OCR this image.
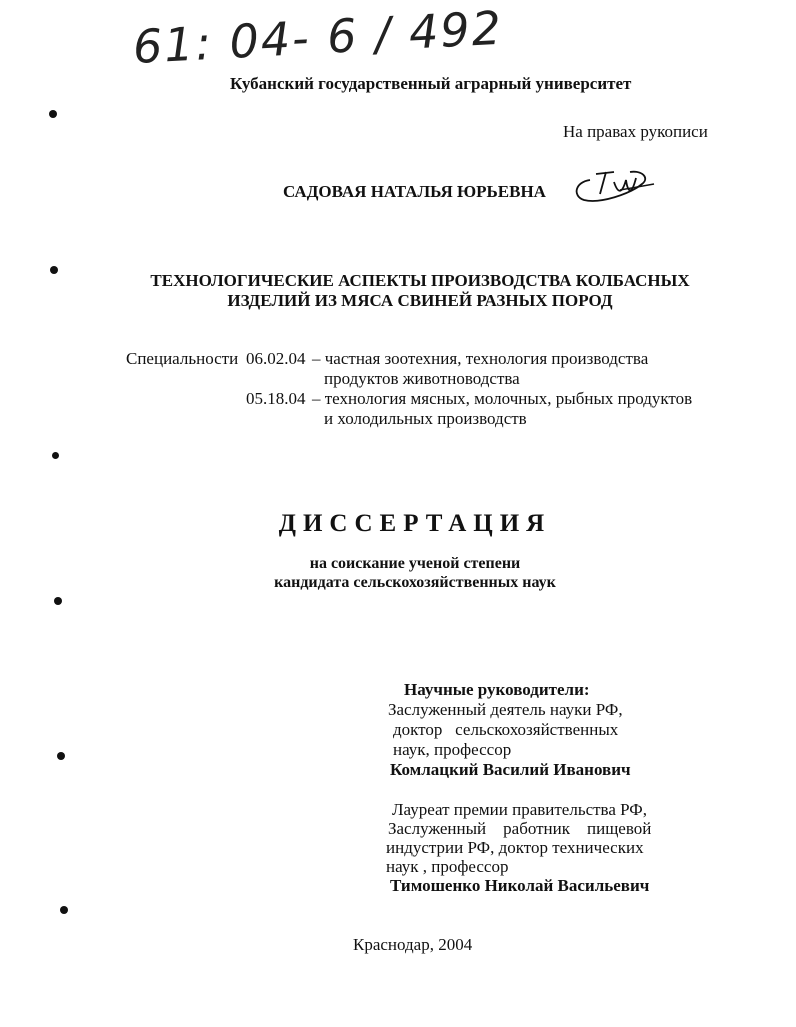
61: 04- 6 / 492
Кубанский государственный аграрный университет
На правах рукописи
САДОВАЯ НАТАЛЬЯ ЮРЬЕВНА
ТЕХНОЛОГИЧЕСКИЕ АСПЕКТЫ ПРОИЗВОДСТВА КОЛБАСНЫХ
ИЗДЕЛИЙ ИЗ МЯСА СВИНЕЙ РАЗНЫХ ПОРОД
Специальности 06.02.04 – частная зоотехния, технология производства
продуктов животноводства
05.18.04 – технология мясных, молочных, рыбных продуктов
и холодильных производств
ДИССЕРТАЦИЯ
на соискание ученой степени
кандидата сельскохозяйственных наук
Научные руководители:
Заслуженный деятель науки РФ,
доктор   сельскохозяйственных
наук, профессор
Комлацкий Василий Иванович
Лауреат премии правительства РФ,
Заслуженный    работник    пищевой
индустрии РФ, доктор технических
наук , профессор
Тимошенко Николай Васильевич
Краснодар, 2004
